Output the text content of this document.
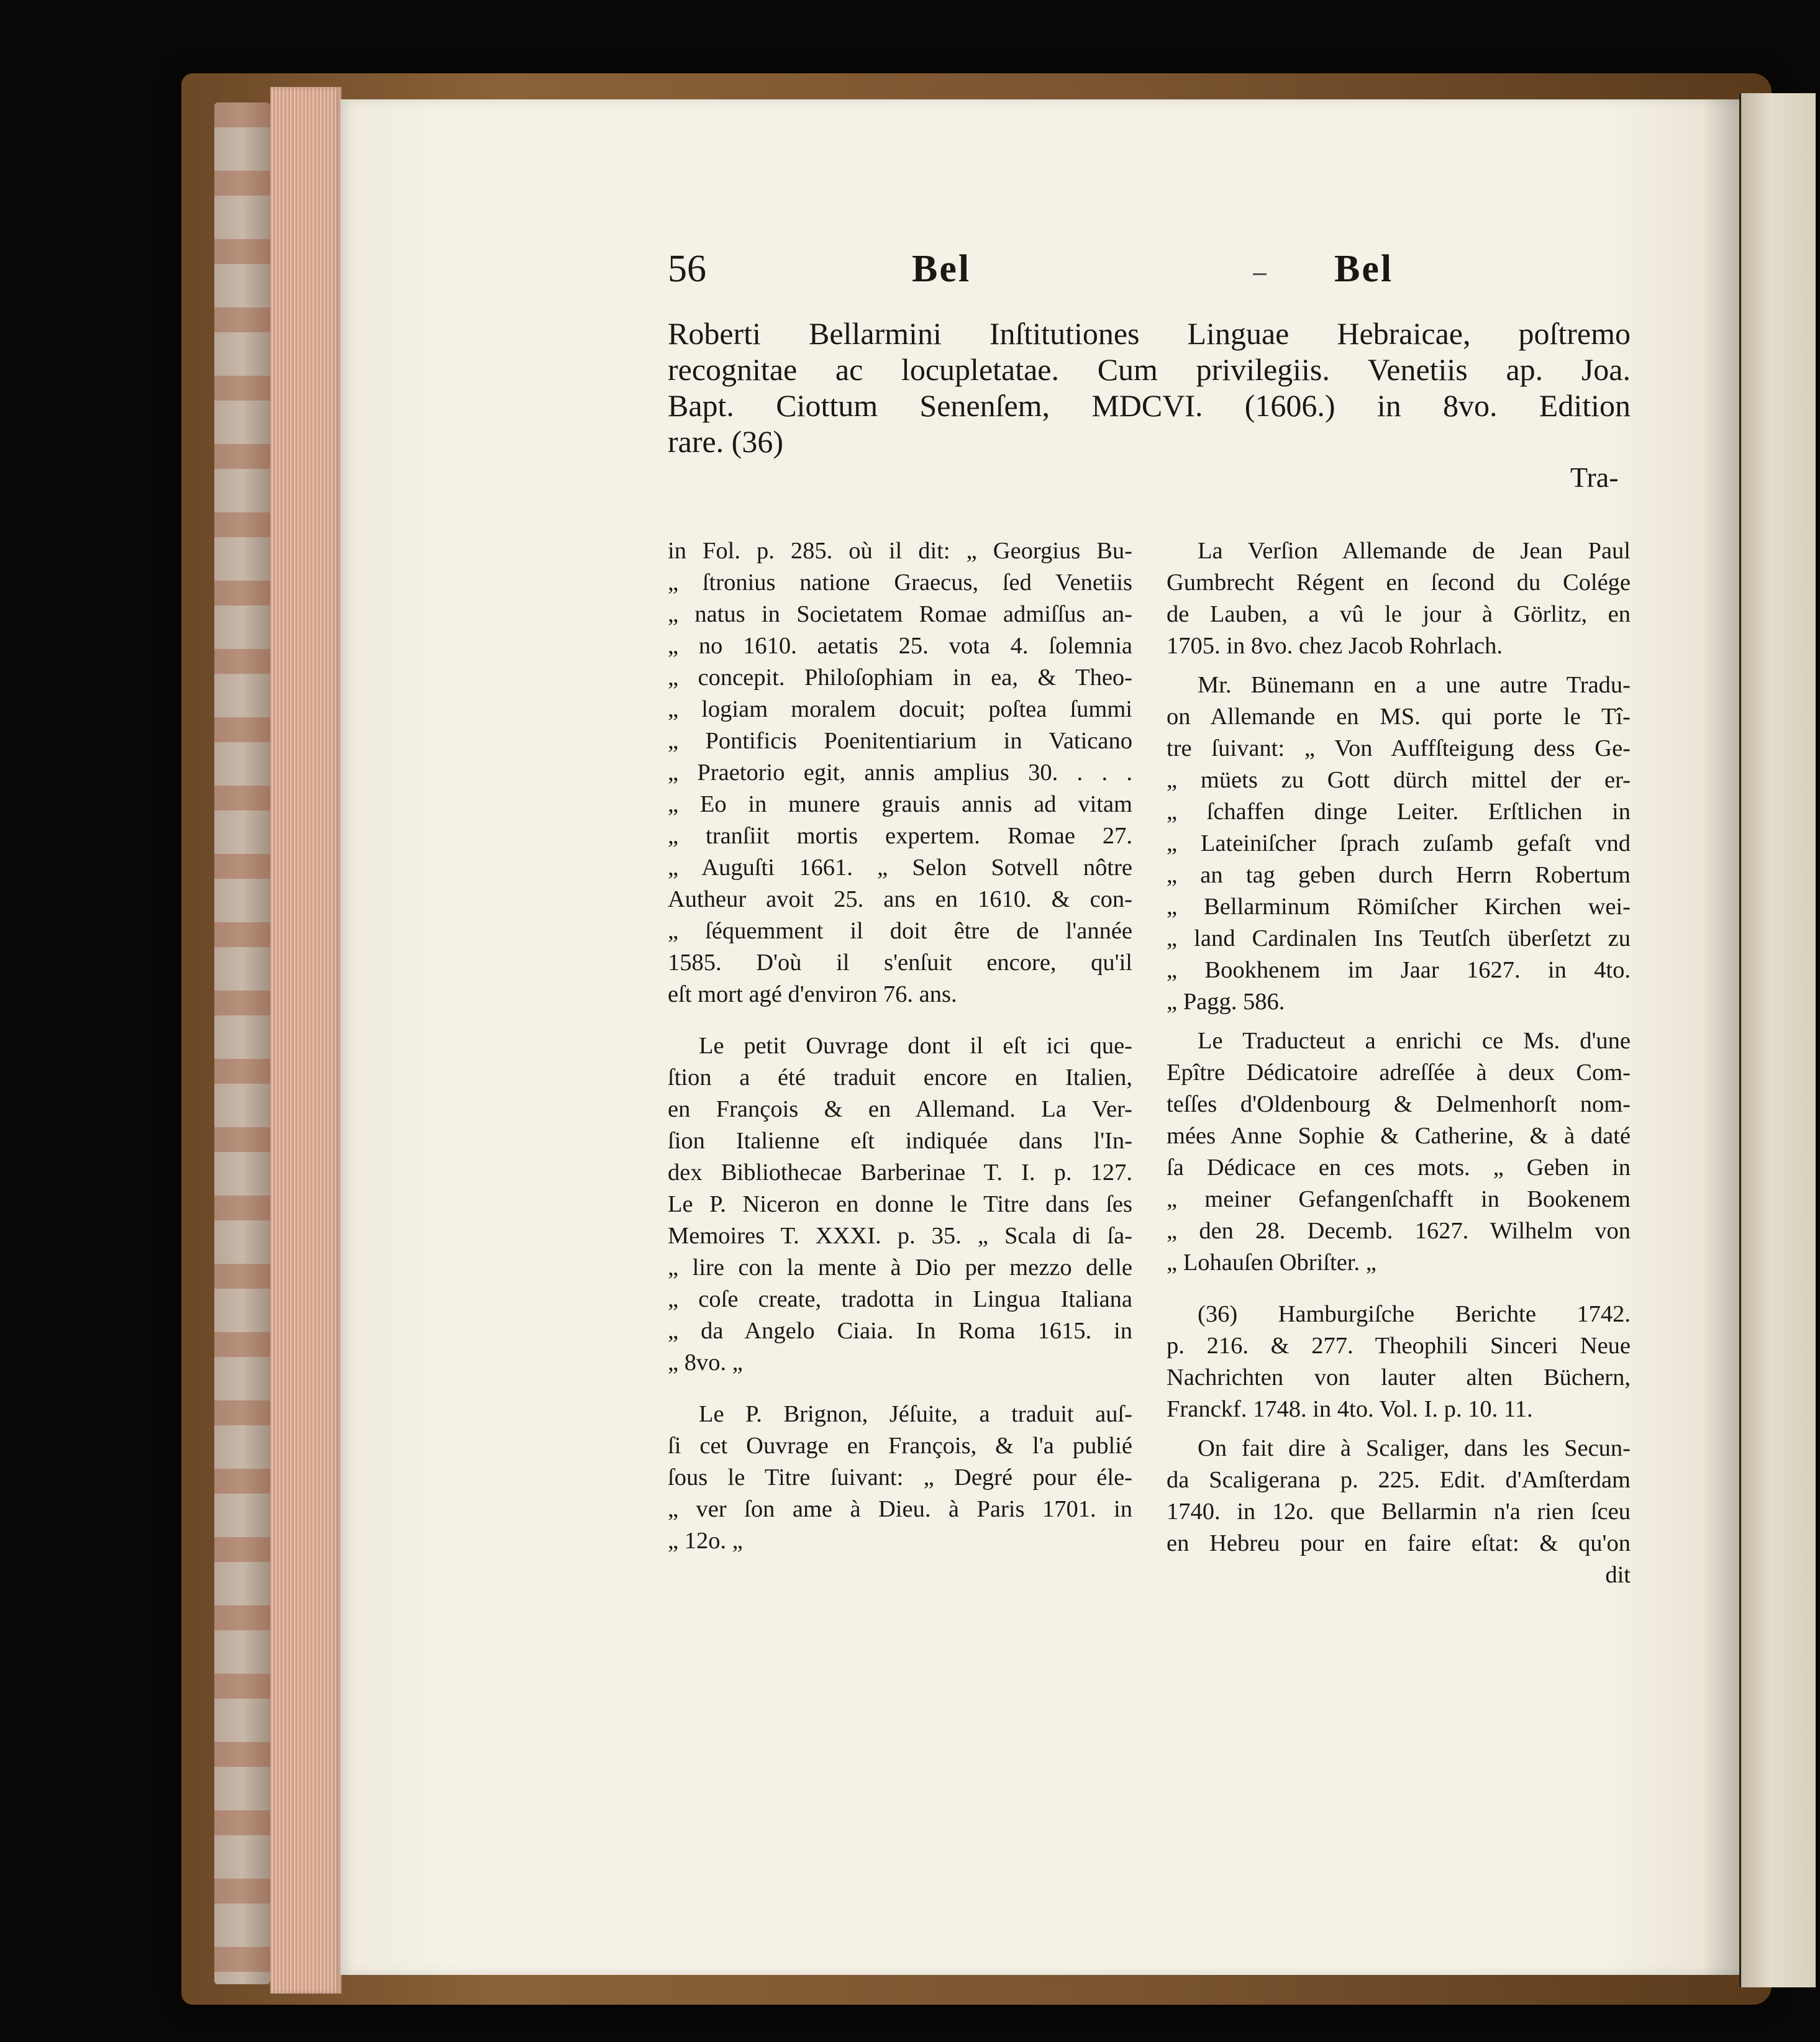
56	Bel	Bel
Roberti Bellarmini Inſtitutiones Linguae Hebraicae, poſtremo
recognitae ac locupletatae. Cum privilegiis. Venetiis ap. Joa.
Bapt. Ciottum Senenſem, MDCVI. (1606.) in 8vo. Edition
rare. (36)
Tra-
in Fol. p. 285. où il dit: „ Georgius Bu-
„ ſtronius natione Graecus, ſed Venetiis
„ natus in Societatem Romae admiſſus an-
„ no 1610. aetatis 25. vota 4. ſolemnia
„ concepit. Philoſophiam in ea, & Theo-
„ logiam moralem docuit; poſtea ſummi
„ Pontificis Poenitentiarium in Vaticano
„ Praetorio egit, annis amplius 30. . . .
„ Eo in munere grauis annis ad vitam
„ tranſiit mortis expertem. Romae 27.
„ Auguſti 1661. „ Selon Sotvell nôtre
Autheur avoit 25. ans en 1610. & con-
„ ſéquemment il doit être de l'année
1585. D'où il s'enſuit encore, qu'il
eſt mort agé d'environ 76. ans.
Le petit Ouvrage dont il eſt ici que-
ſtion a été traduit encore en Italien,
en François & en Allemand. La Ver-
ſion Italienne eſt indiquée dans l'In-
dex Bibliothecae Barberinae T. I. p. 127.
Le P. Niceron en donne le Titre dans ſes
Memoires T. XXXI. p. 35. „ Scala di ſa-
„ lire con la mente à Dio per mezzo delle
„ coſe create, tradotta in Lingua Italiana
„ da Angelo Ciaia. In Roma 1615. in
„ 8vo. „
Le P. Brignon, Jéſuite, a traduit auſ-
ſi cet Ouvrage en François, & l'a publié
ſous le Titre ſuivant: „ Degré pour éle-
„ ver ſon ame à Dieu. à Paris 1701. in
„ 12o. „
La Verſion Allemande de Jean Paul
Gumbrecht Régent en ſecond du Colége
de Lauben, a vû le jour à Görlitz, en
1705. in 8vo. chez Jacob Rohrlach.
Mr. Bünemann en a une autre Tradu-
on Allemande en MS. qui porte le Tî-
tre ſuivant: „ Von Auffſteigung dess Ge-
„ müets zu Gott dürch mittel der er-
„ ſchaffen dinge Leiter. Erſtlichen in
„ Lateiniſcher ſprach zuſamb gefaſt vnd
„ an tag geben durch Herrn Robertum
„ Bellarminum Römiſcher Kirchen wei-
„ land Cardinalen Ins Teutſch überſetzt zu
„ Bookhenem im Jaar 1627. in 4to.
„ Pagg. 586.
Le Traducteut a enrichi ce Ms. d'une
Epître Dédicatoire adreſſée à deux Com-
teſſes d'Oldenbourg & Delmenhorſt nom-
mées Anne Sophie & Catherine, & à daté
ſa Dédicace en ces mots. „ Geben in
„ meiner Gefangenſchafft in Bookenem
„ den 28. Decemb. 1627. Wilhelm von
„ Lohauſen Obriſter. „
(36) Hamburgiſche Berichte 1742.
p. 216. & 277. Theophili Sinceri Neue
Nachrichten von lauter alten Büchern,
Franckf. 1748. in 4to. Vol. I. p. 10. 11.
On fait dire à Scaliger, dans les Secun-
da Scaligerana p. 225. Edit. d'Amſterdam
1740. in 12o. que Bellarmin n'a rien ſceu
en Hebreu pour en faire eſtat: & qu'on
dit
